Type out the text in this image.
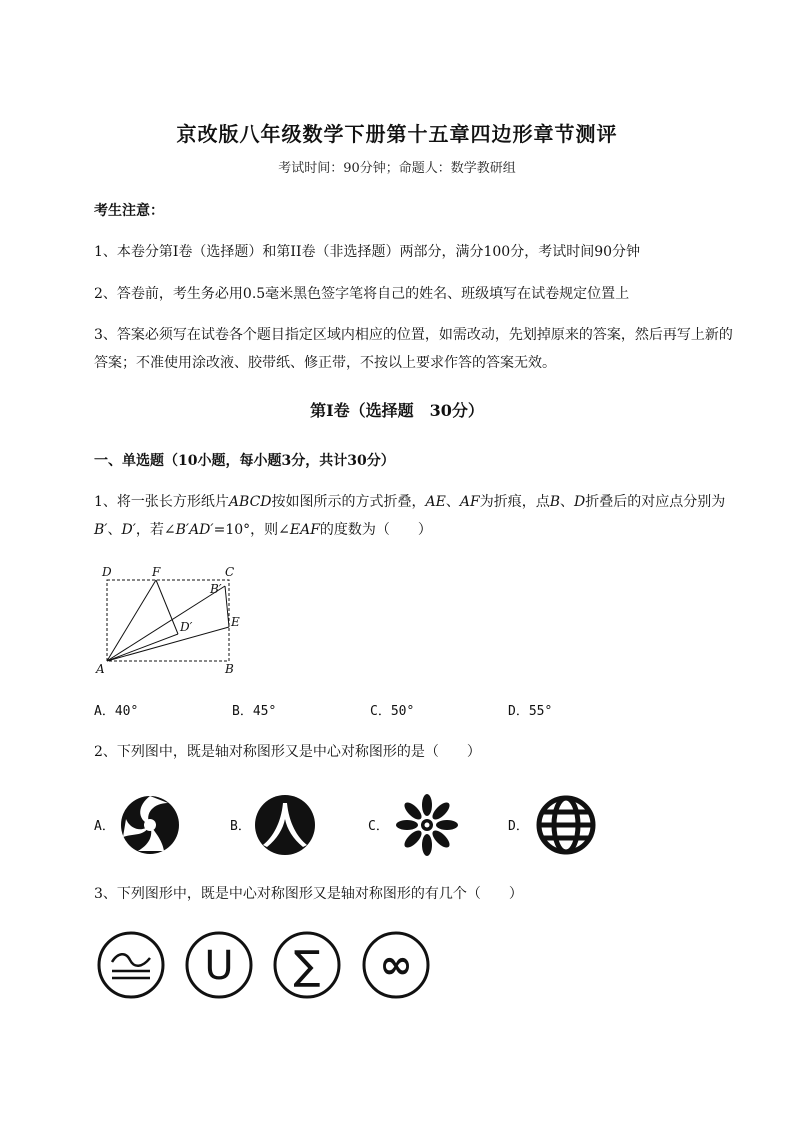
京改版八年级数学下册第十五章四边形章节测评
考试时间：90分钟；命题人：数学教研组
考生注意：
1、本卷分第I卷（选择题）和第II卷（非选择题）两部分，满分100分，考试时间90分钟
2、答卷前，考生务必用0.5毫米黑色签字笔将自己的姓名、班级填写在试卷规定位置上
3、答案必须写在试卷各个题目指定区域内相应的位置，如需改动，先划掉原来的答案，然后再写上新的答案；不准使用涂改液、胶带纸、修正带，不按以上要求作答的答案无效。
第I卷（选择题　30分）
一、单选题（10小题，每小题3分，共计30分）
1、将一张长方形纸片ABCD按如图所示的方式折叠，AE、AF为折痕，点B、D折叠后的对应点分别为
B′、D′，若∠B′AD′=10°，则∠EAF的度数为（　　）
D	F	C
B′
D′	E
A	B
A．40°	B．45°	C．50°	D．55°
2、下列图中，既是轴对称图形又是中心对称图形的是（　　）
A．	B．	C．	D．
3、下列图形中，既是中心对称图形又是轴对称图形的有几个（　　）
U ∑ ∞
